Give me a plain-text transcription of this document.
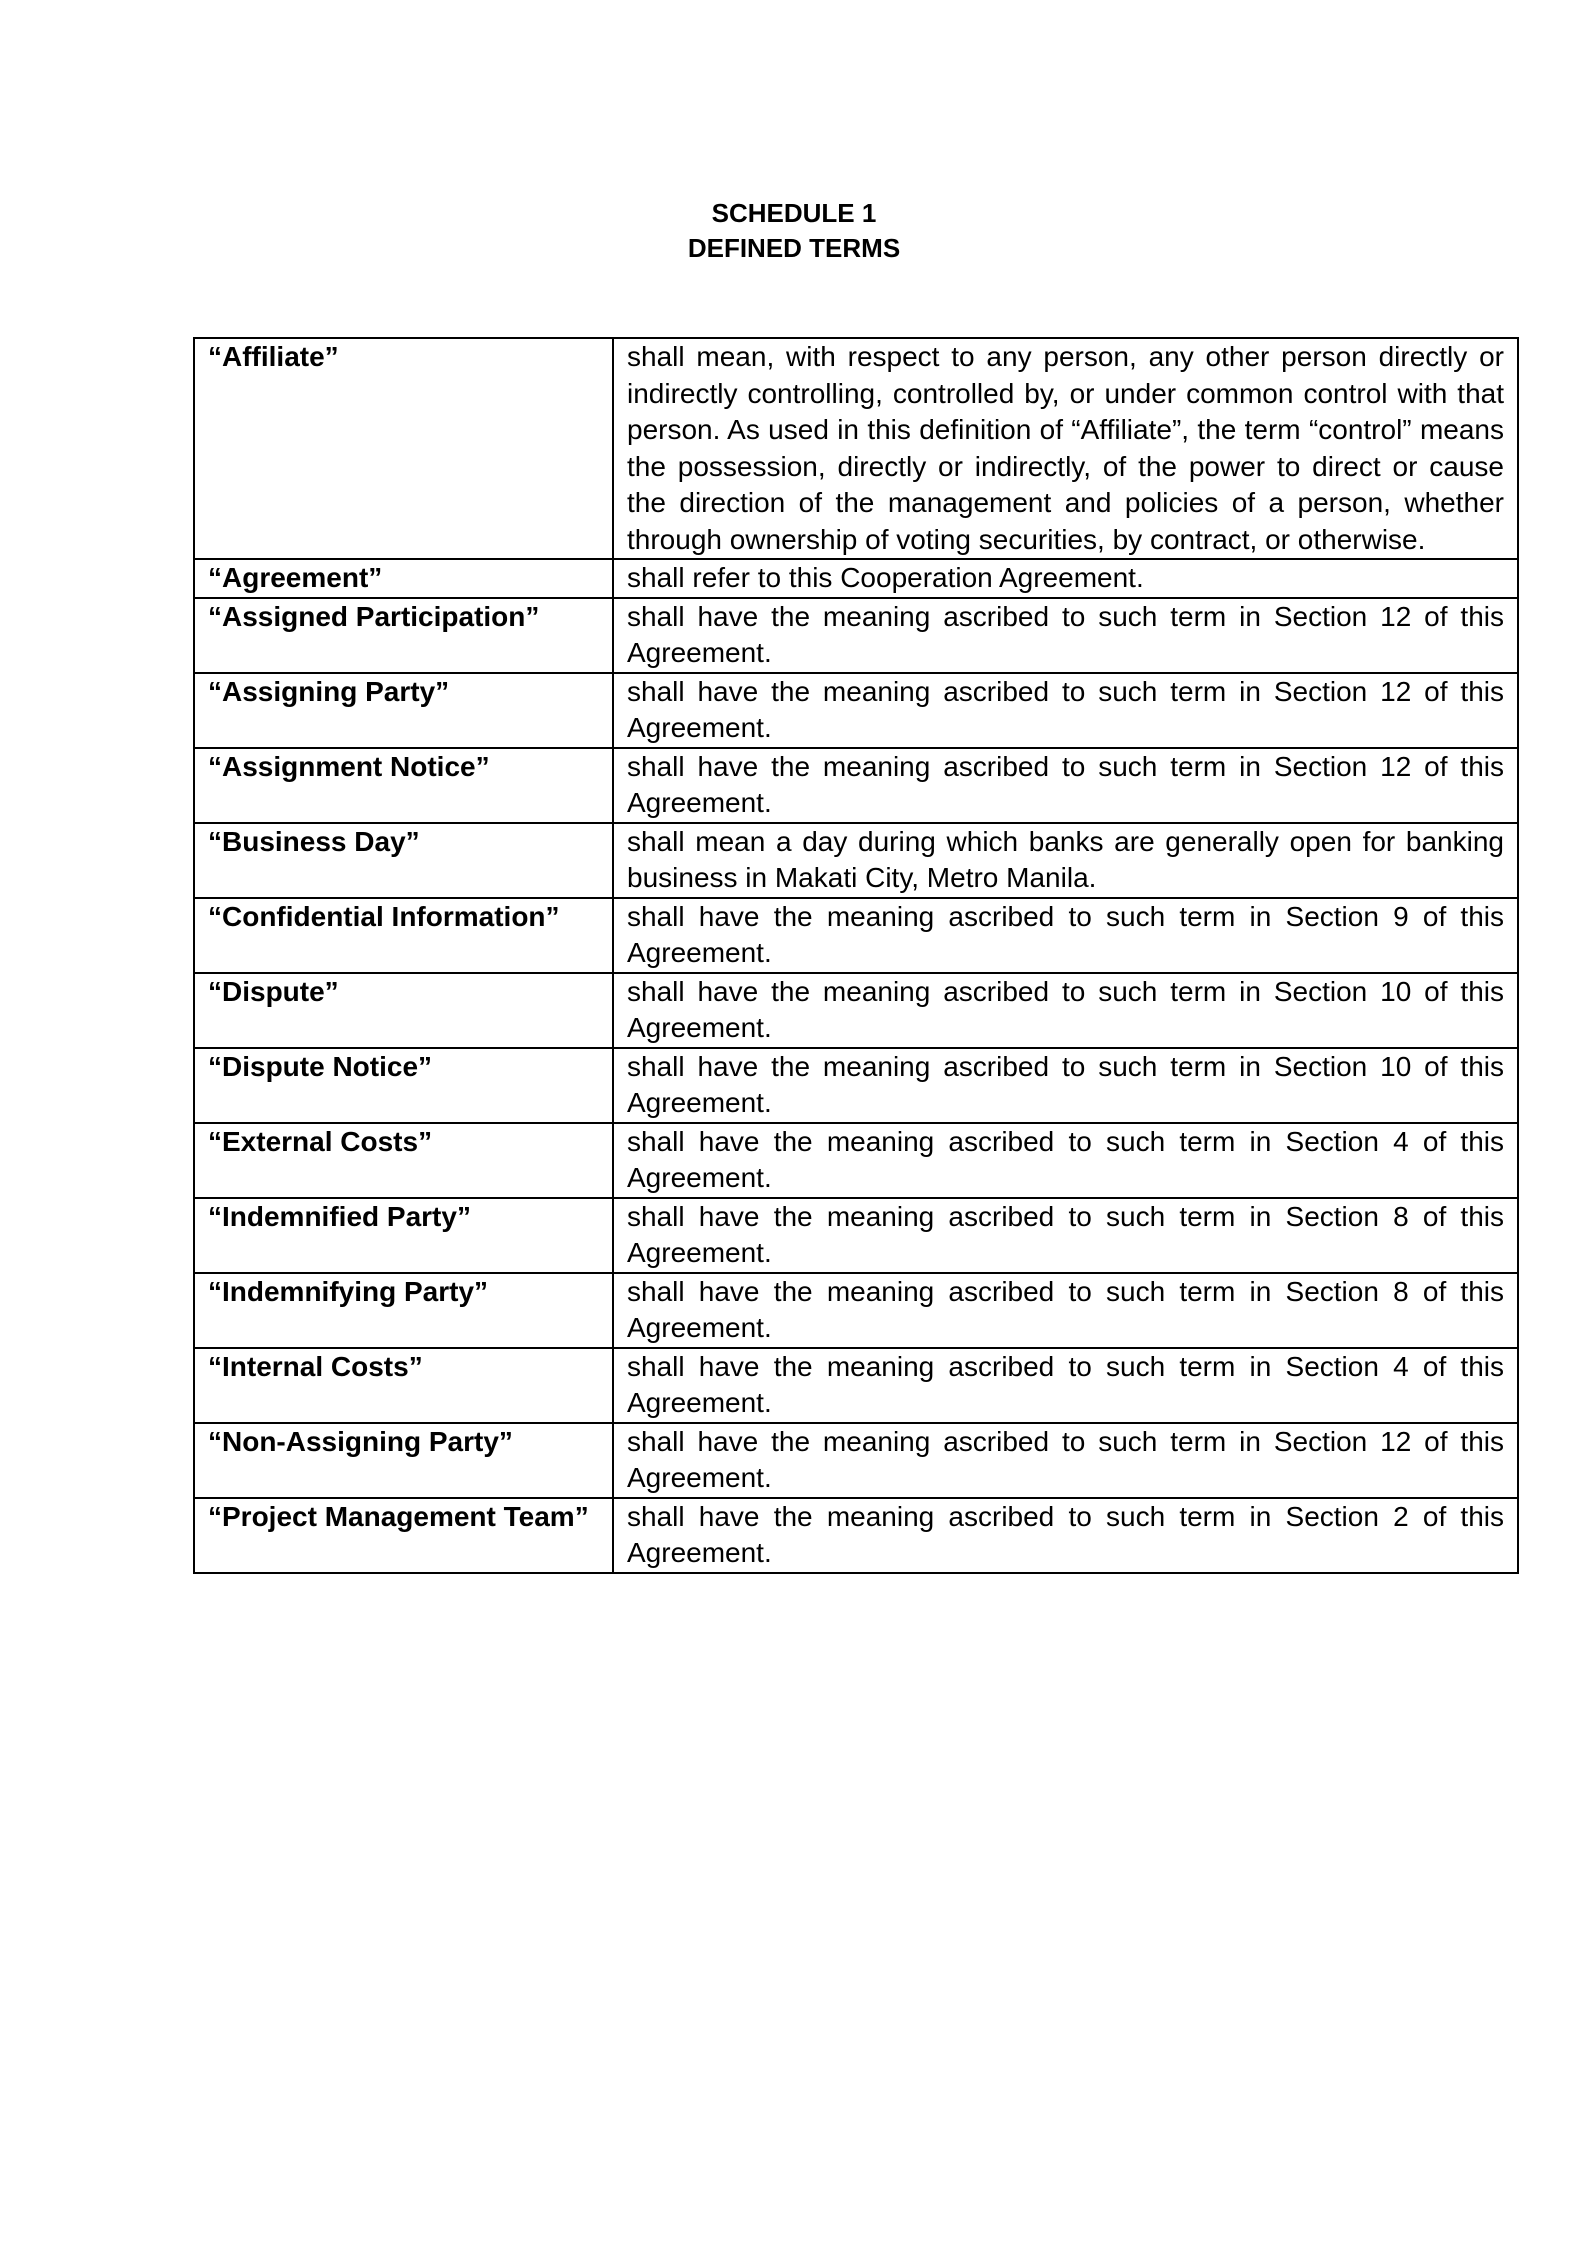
SCHEDULE 1
DEFINED TERMS
“Affiliate”	shall mean, with respect to any person, any other person directly or indirectly controlling, controlled by, or under common control with that person. As used in this definition of “Affiliate”, the term “control” means the possession, directly or indirectly, of the power to direct or cause the direction of the management and policies of a person, whether through ownership of voting securities, by contract, or otherwise.
“Agreement”	shall refer to this Cooperation Agreement.
“Assigned Participation”	shall have the meaning ascribed to such term in Section 12 of this Agreement.
“Assigning Party”	shall have the meaning ascribed to such term in Section 12 of this Agreement.
“Assignment Notice”	shall have the meaning ascribed to such term in Section 12 of this Agreement.
“Business Day”	shall mean a day during which banks are generally open for banking business in Makati City, Metro Manila.
“Confidential Information”	shall have the meaning ascribed to such term in Section 9 of this Agreement.
“Dispute”	shall have the meaning ascribed to such term in Section 10 of this Agreement.
“Dispute Notice”	shall have the meaning ascribed to such term in Section 10 of this Agreement.
“External Costs”	shall have the meaning ascribed to such term in Section 4 of this Agreement.
“Indemnified Party”	shall have the meaning ascribed to such term in Section 8 of this Agreement.
“Indemnifying Party”	shall have the meaning ascribed to such term in Section 8 of this Agreement.
“Internal Costs”	shall have the meaning ascribed to such term in Section 4 of this Agreement.
“Non-Assigning Party”	shall have the meaning ascribed to such term in Section 12 of this Agreement.
“Project Management Team”	shall have the meaning ascribed to such term in Section 2 of this Agreement.
